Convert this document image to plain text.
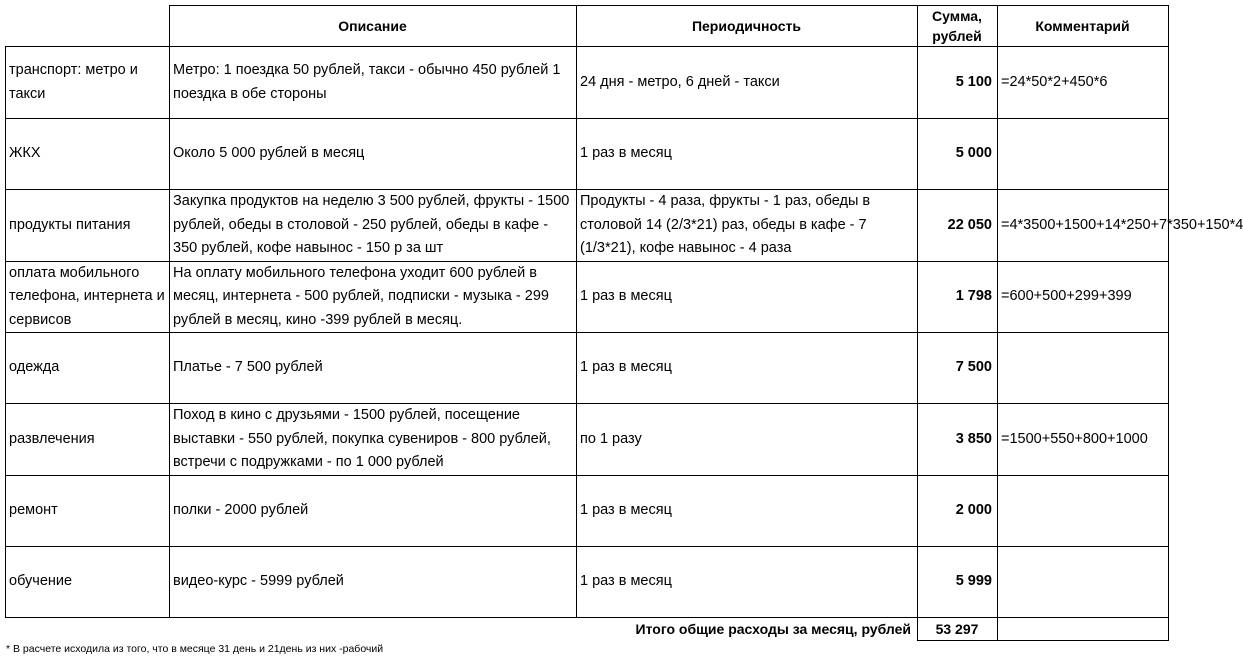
	Описание	Периодичность	Сумма, рублей	Комментарий
транспорт: метро и такси	Метро: 1 поездка 50 рублей, такси - обычно 450 рублей 1 поездка в обе стороны	24 дня - метро, 6 дней - такси	5 100	=24*50*2+450*6
ЖКХ	Около 5 000 рублей в месяц	1 раз в месяц	5 000	
продукты питания	Закупка продуктов на неделю 3 500 рублей, фрукты - 1500 рублей, обеды в столовой - 250 рублей, обеды в кафе - 350 рублей, кофе навынос - 150 р за шт	Продукты - 4 раза, фрукты - 1 раз, обеды в столовой 14 (2/3*21) раз, обеды в кафе - 7 (1/3*21), кофе навынос - 4 раза	22 050	=4*3500+1500+14*250+7*350+150*4
оплата мобильного телефона, интернета и сервисов	На оплату мобильного телефона уходит 600 рублей в месяц, интернета - 500 рублей, подписки - музыка - 299 рублей в месяц, кино -399 рублей в месяц.	1 раз в месяц	1 798	=600+500+299+399
одежда	Платье - 7 500 рублей	1 раз в месяц	7 500	
развлечения	Поход в кино с друзьями - 1500 рублей, посещение выставки - 550 рублей, покупка сувениров - 800 рублей, встречи с подружками - по 1 000 рублей	по 1 разу	3 850	=1500+550+800+1000
ремонт	полки - 2000 рублей	1 раз в месяц	2 000	
обучение	видео-курс - 5999 рублей	1 раз в месяц	5 999	
Итого общие расходы за месяц, рублей			53 297	
* В расчете исходила из того, что в месяце 31 день и 21день из них -рабочий
